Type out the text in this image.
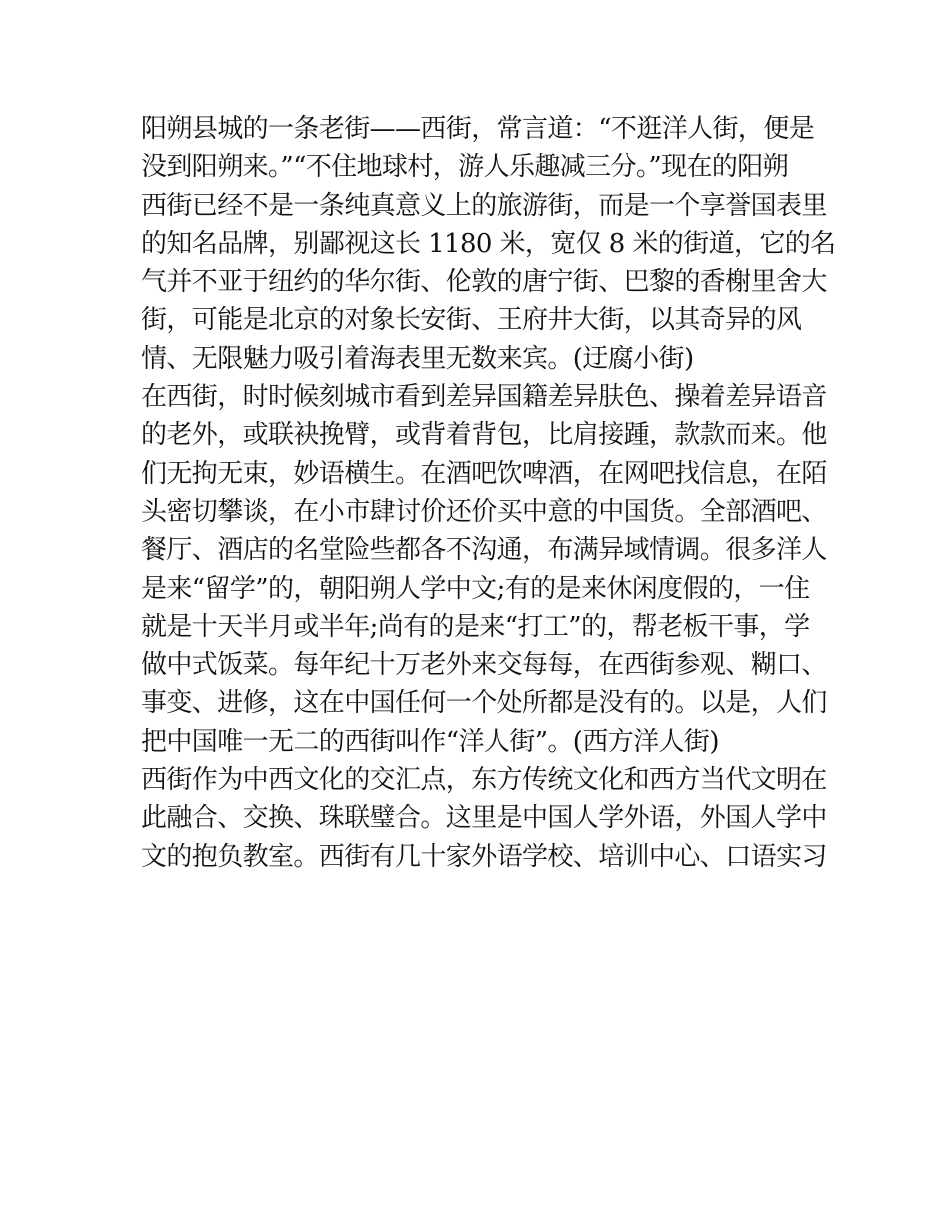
阳朔县城的一条老街——西街，常言道：“不逛洋人街，便是
没到阳朔来。”“不住地球村，游人乐趣减三分。”现在的阳朔
西街已经不是一条纯真意义上的旅游街，而是一个享誉国表里
的知名品牌，别鄙视这长 1180 米，宽仅 8 米的街道，它的名
气并不亚于纽约的华尔街、伦敦的唐宁街、巴黎的香榭里舍大
街，可能是北京的对象长安街、王府井大街，以其奇异的风
情、无限魅力吸引着海表里无数来宾。(迂腐小街)
在西街，时时候刻城市看到差异国籍差异肤色、操着差异语音
的老外，或联袂挽臂，或背着背包，比肩接踵，款款而来。他
们无拘无束，妙语横生。在酒吧饮啤酒，在网吧找信息，在陌
头密切攀谈，在小市肆讨价还价买中意的中国货。全部酒吧、
餐厅、酒店的名堂险些都各不沟通，布满异域情调。很多洋人
是来“留学”的，朝阳朔人学中文;有的是来休闲度假的，一住
就是十天半月或半年;尚有的是来“打工”的，帮老板干事，学
做中式饭菜。每年纪十万老外来交每每，在西街参观、糊口、
事变、进修，这在中国任何一个处所都是没有的。以是，人们
把中国唯一无二的西街叫作“洋人街”。(西方洋人街)
西街作为中西文化的交汇点，东方传统文化和西方当代文明在
此融合、交换、珠联璧合。这里是中国人学外语，外国人学中
文的抱负教室。西街有几十家外语学校、培训中心、口语实习
